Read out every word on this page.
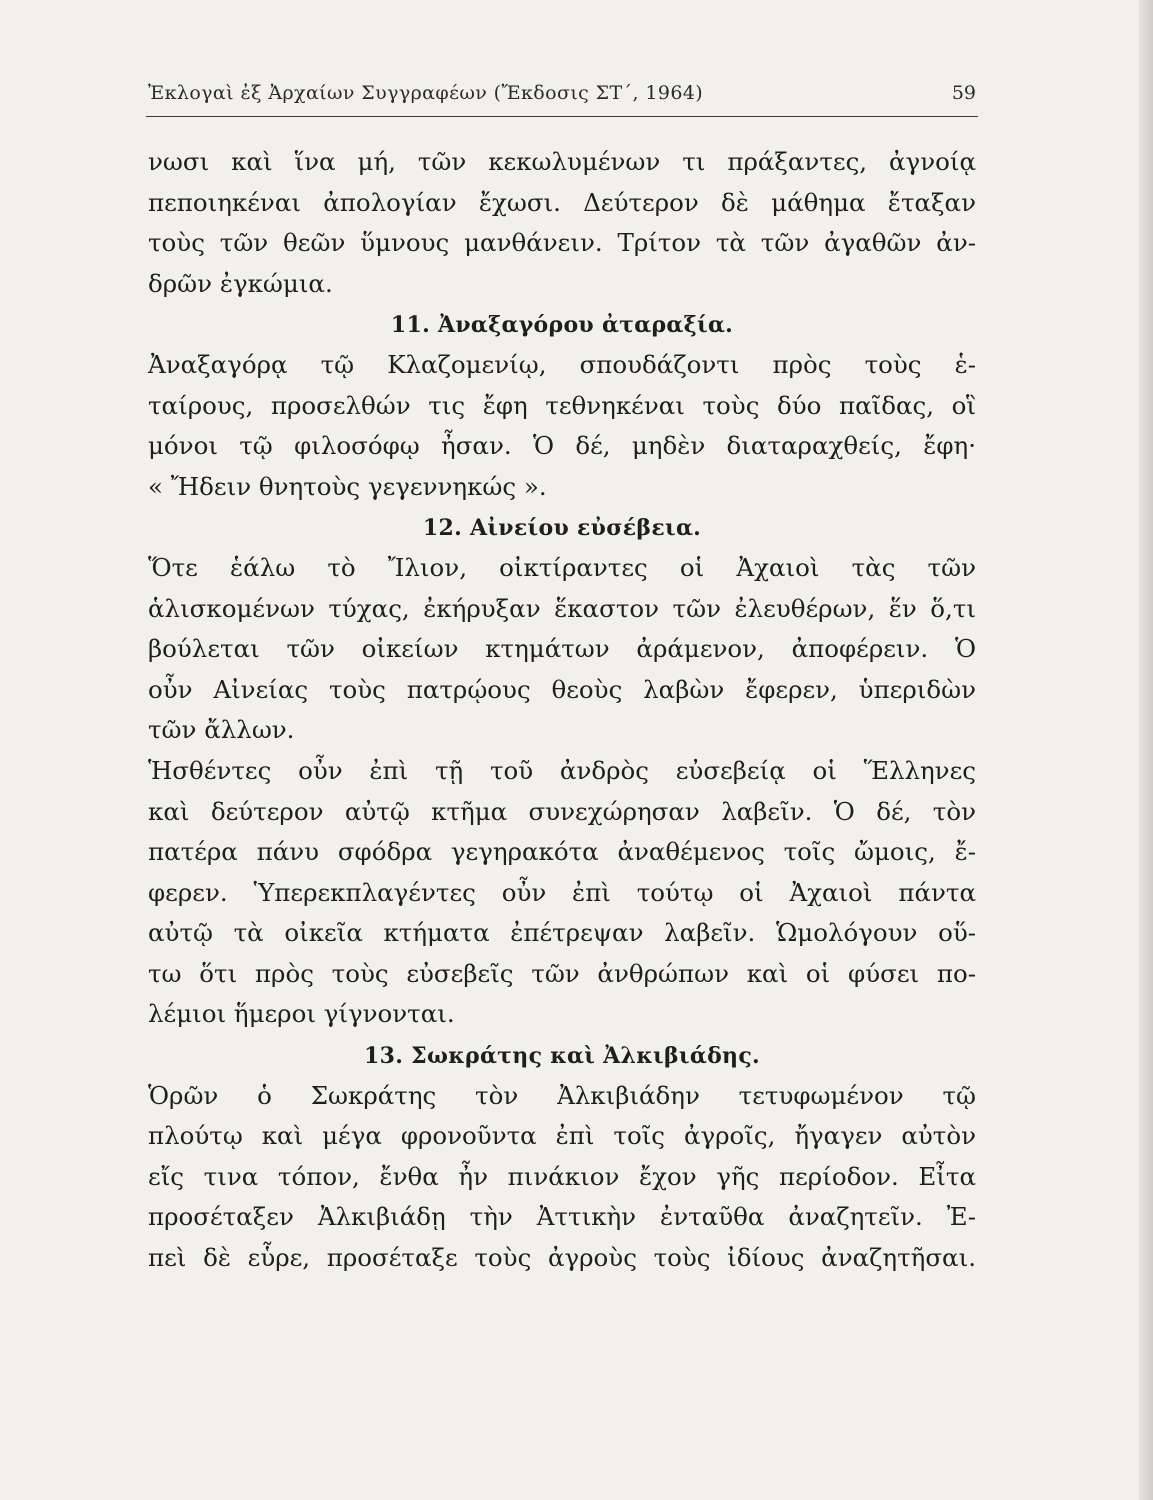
Ἐκλογαὶ ἐξ Ἀρχαίων Συγγραφέων (Ἔκδοσις ΣΤ΄, 1964)	59
νωσι καὶ ἵνα μή, τῶν κεκωλυμένων τι πράξαντες, ἀγνοίᾳ
πεποιηκέναι ἀπολογίαν ἔχωσι. Δεύτερον δὲ μάθημα ἔταξαν
τοὺς τῶν θεῶν ὕμνους μανθάνειν. Τρίτον τὰ τῶν ἀγαθῶν ἀν-
δρῶν ἐγκώμια.
11. Ἀναξαγόρου ἀταραξία.
Ἀναξαγόρᾳ τῷ Κλαζομενίῳ, σπουδάζοντι πρὸς τοὺς ἑ-
ταίρους, προσελθών τις ἔφη τεθνηκέναι τοὺς δύο παῖδας, οἳ
μόνοι τῷ φιλοσόφῳ ἦσαν. Ὁ δέ, μηδὲν διαταραχθείς, ἔφη·
« Ἤδειν θνητοὺς γεγεννηκώς ».
12. Αἰνείου εὐσέβεια.
Ὅτε ἑάλω τὸ Ἴλιον, οἰκτίραντες οἱ Ἀχαιοὶ τὰς τῶν
ἁλισκομένων τύχας, ἐκήρυξαν ἕκαστον τῶν ἐλευθέρων, ἕν ὅ,τι
βούλεται τῶν οἰκείων κτημάτων ἀράμενον, ἀποφέρειν. Ὁ
οὖν Αἰνείας τοὺς πατρῴους θεοὺς λαβὼν ἔφερεν, ὑπεριδὼν
τῶν ἄλλων.
Ἡσθέντες οὖν ἐπὶ τῇ τοῦ ἀνδρὸς εὐσεβείᾳ οἱ Ἕλληνες
καὶ δεύτερον αὐτῷ κτῆμα συνεχώρησαν λαβεῖν. Ὁ δέ, τὸν
πατέρα πάνυ σφόδρα γεγηρακότα ἀναθέμενος τοῖς ὤμοις, ἔ-
φερεν. Ὑπερεκπλαγέντες οὖν ἐπὶ τούτῳ οἱ Ἀχαιοὶ πάντα
αὐτῷ τὰ οἰκεῖα κτήματα ἐπέτρεψαν λαβεῖν. Ὡμολόγουν οὕ-
τω ὅτι πρὸς τοὺς εὐσεβεῖς τῶν ἀνθρώπων καὶ οἱ φύσει πο-
λέμιοι ἥμεροι γίγνονται.
13. Σωκράτης καὶ Ἀλκιβιάδης.
Ὁρῶν ὁ Σωκράτης τὸν Ἀλκιβιάδην τετυφωμένον τῷ
πλούτῳ καὶ μέγα φρονοῦντα ἐπὶ τοῖς ἀγροῖς, ἤγαγεν αὐτὸν
εἴς τινα τόπον, ἔνθα ἦν πινάκιον ἔχον γῆς περίοδον. Εἶτα
προσέταξεν Ἀλκιβιάδῃ τὴν Ἀττικὴν ἐνταῦθα ἀναζητεῖν. Ἐ-
πεὶ δὲ εὗρε, προσέταξε τοὺς ἀγροὺς τοὺς ἰδίους ἀναζητῆσαι.
